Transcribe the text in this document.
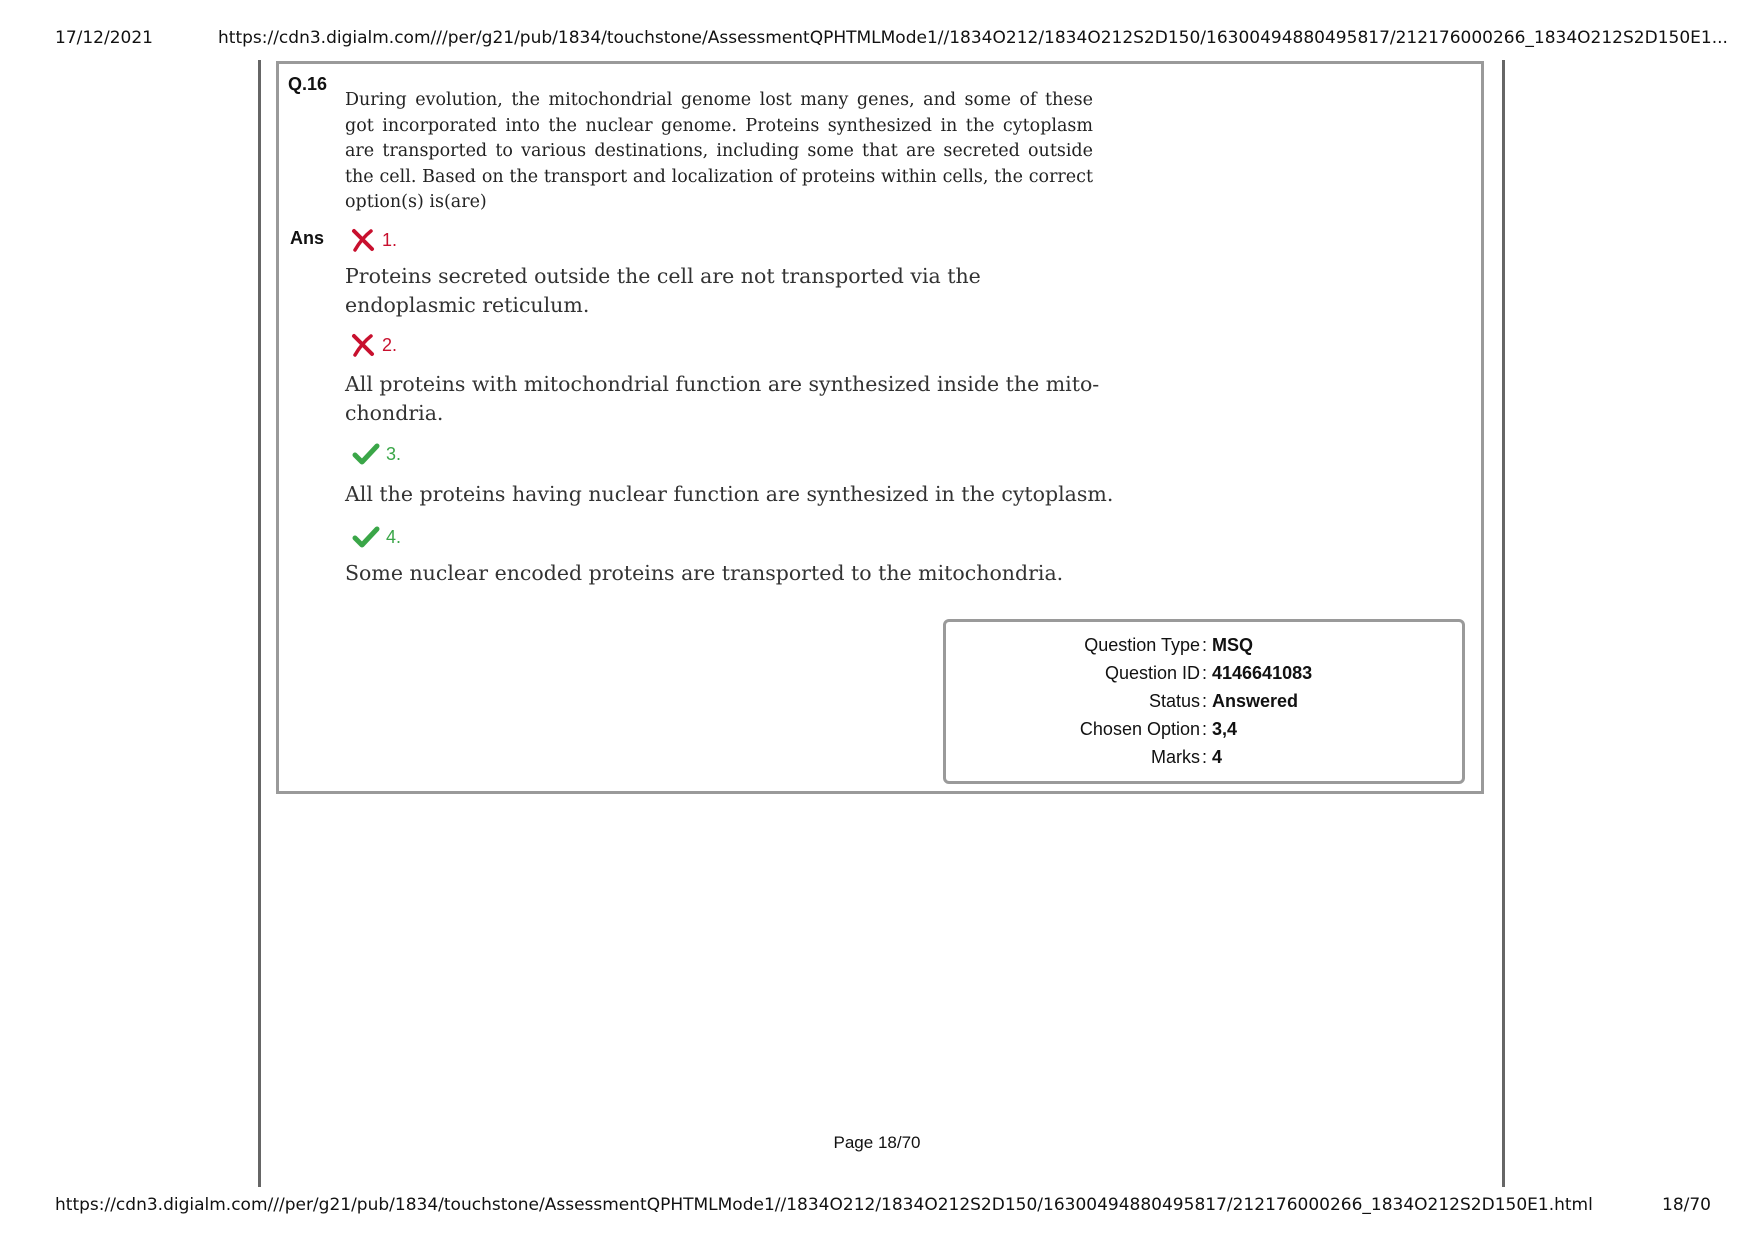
17/12/2021	https://cdn3.digialm.com///per/g21/pub/1834/touchstone/AssessmentQPHTMLMode1//1834O212/1834O212S2D150/16300494880495817/212176000266_1834O212S2D150E1...
Q.16
During evolution, the mitochondrial genome lost many genes, and some of these got incorporated into the nuclear genome. Proteins synthesized in the cytoplasm are transported to various destinations, including some that are secreted outside the cell. Based on the transport and localization of proteins within cells, the correct option(s) is(are)
Ans	1.
Proteins secreted outside the cell are not transported via the endoplasmic reticulum.
2.
All proteins with mitochondrial function are synthesized inside the mito- chondria.
3.
All the proteins having nuclear function are synthesized in the cytoplasm.
4.
Some nuclear encoded proteins are transported to the mitochondria.
Question Type : MSQ
Question ID : 4146641083
Status : Answered
Chosen Option : 3,4
Marks : 4
Page 18/70
https://cdn3.digialm.com///per/g21/pub/1834/touchstone/AssessmentQPHTMLMode1//1834O212/1834O212S2D150/16300494880495817/212176000266_1834O212S2D150E1.html	18/70
